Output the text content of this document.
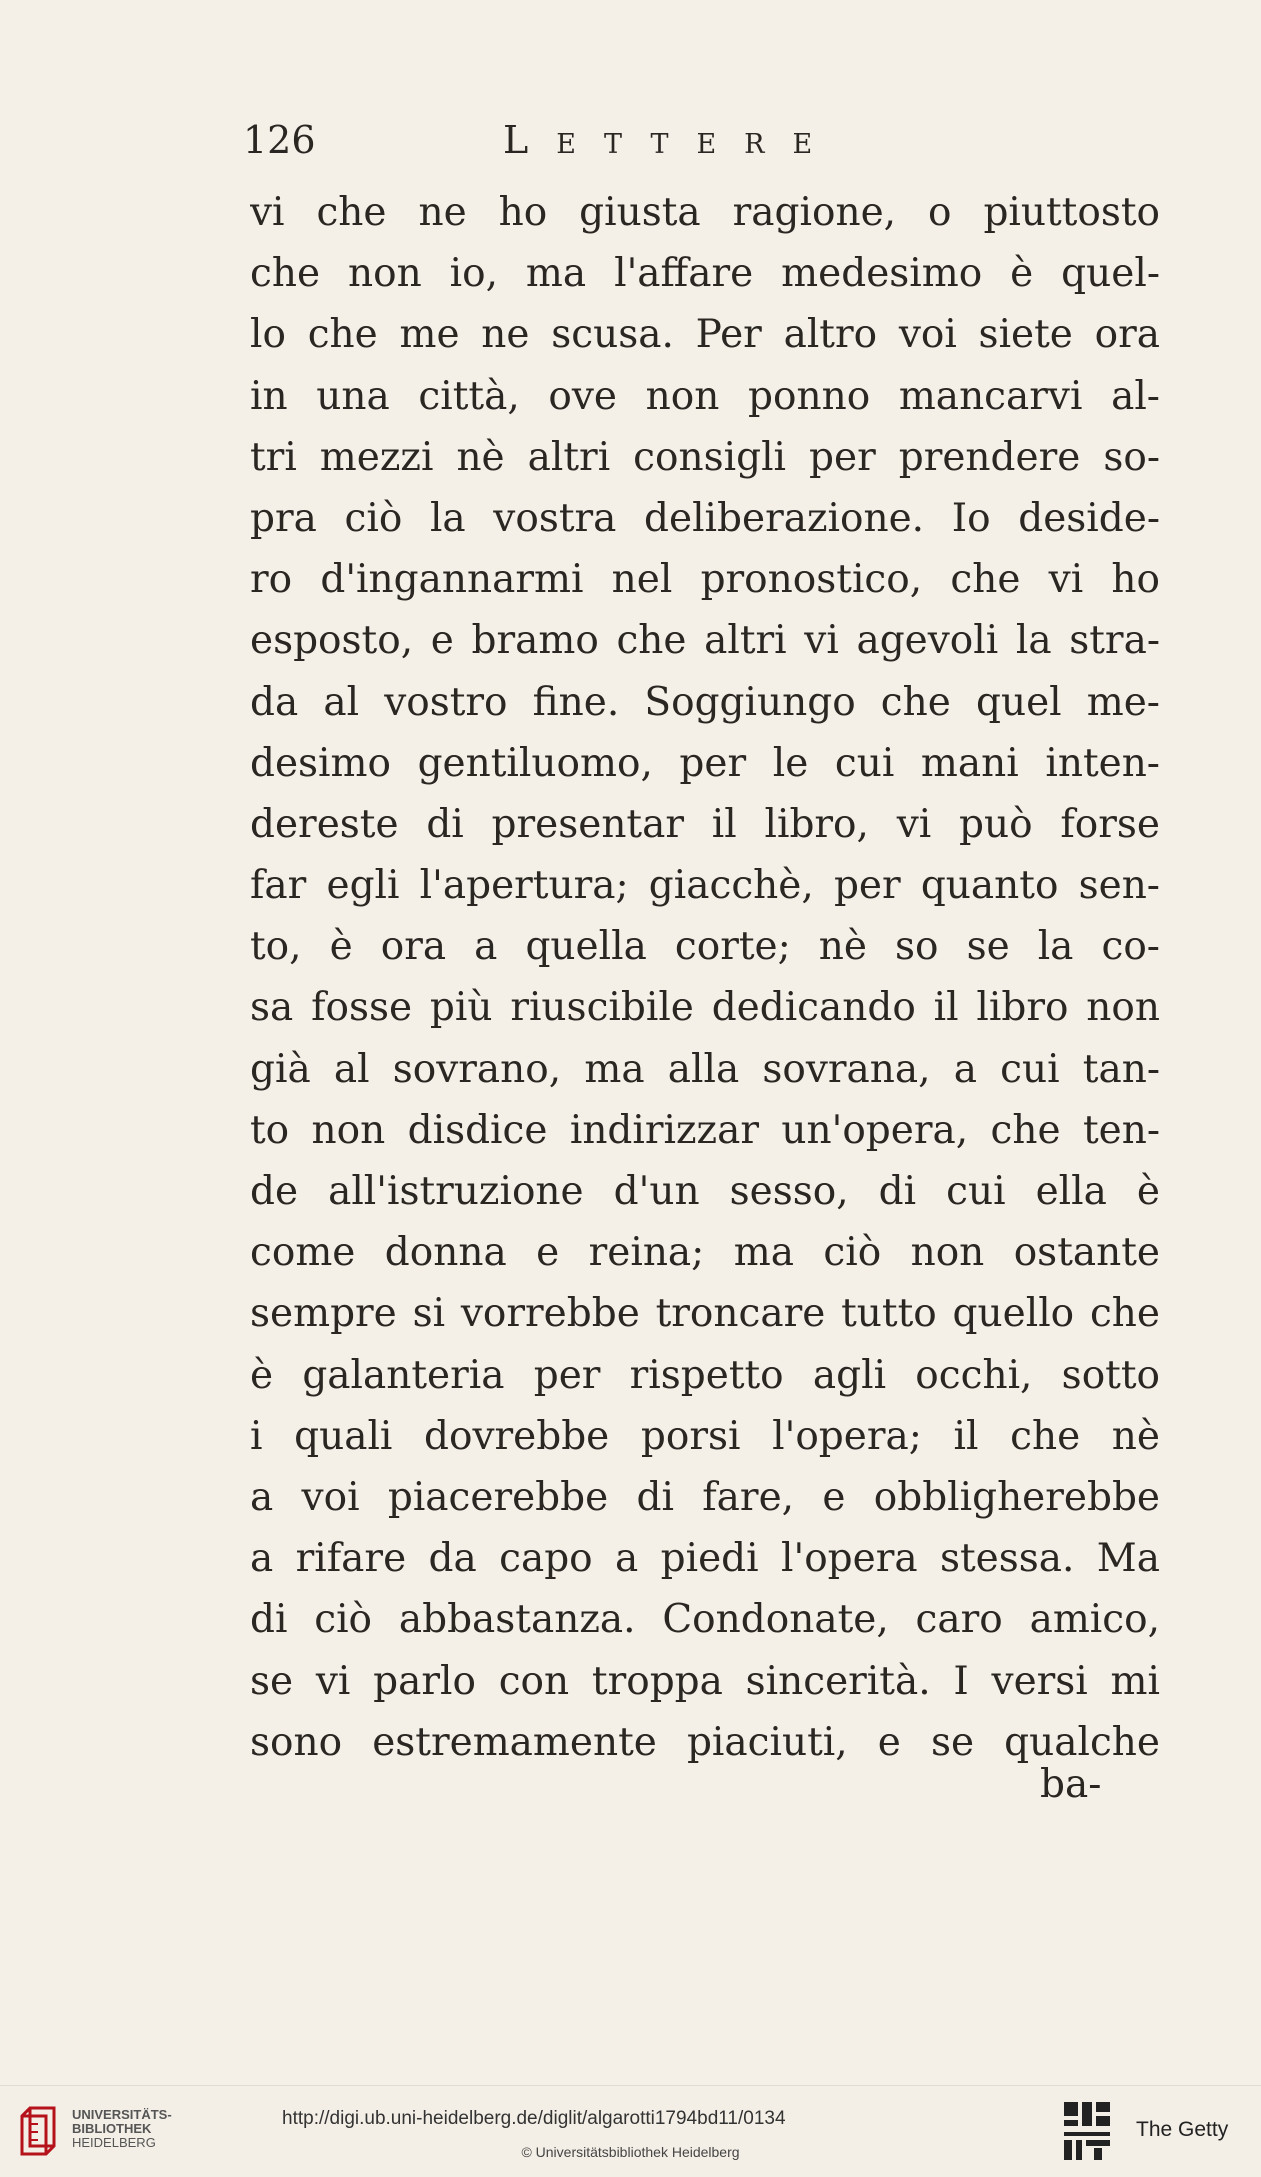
126	Lettere
vi che ne ho giusta ragione, o piuttosto
che non io, ma l'affare medesimo è quel-
lo che me ne scusa. Per altro voi siete ora
in una città, ove non ponno mancarvi al-
tri mezzi nè altri consigli per prendere so-
pra ciò la vostra deliberazione. Io deside-
ro d'ingannarmi nel pronostico, che vi ho
esposto, e bramo che altri vi agevoli la stra-
da al vostro fine. Soggiungo che quel me-
desimo gentiluomo, per le cui mani inten-
dereste di presentar il libro, vi può forse
far egli l'apertura; giacchè, per quanto sen-
to, è ora a quella corte; nè so se la co-
sa fosse più riuscibile dedicando il libro non
già al sovrano, ma alla sovrana, a cui tan-
to non disdice indirizzar un'opera, che ten-
de all'istruzione d'un sesso, di cui ella è
come donna e reina; ma ciò non ostante
sempre si vorrebbe troncare tutto quello che
è galanteria per rispetto agli occhi, sotto
i quali dovrebbe porsi l'opera; il che nè
a voi piacerebbe di fare, e obbligherebbe
a rifare da capo a piedi l'opera stessa. Ma
di ciò abbastanza. Condonate, caro amico,
se vi parlo con troppa sincerità. I versi mi
sono estremamente piaciuti, e se qualche
ba-
UNIVERSITÄTS-
BIBLIOTHEK
HEIDELBERG
http://digi.ub.uni-heidelberg.de/diglit/algarotti1794bd11/0134
© Universitätsbibliothek Heidelberg
The Getty
